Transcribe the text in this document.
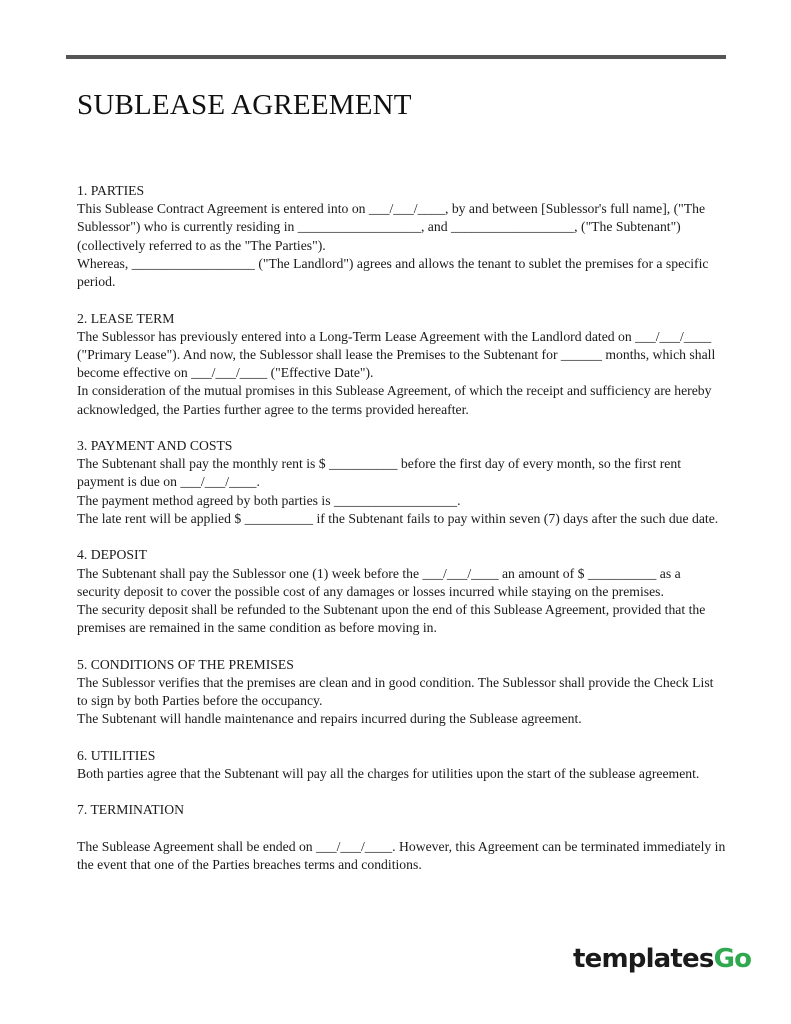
SUBLEASE AGREEMENT
1. PARTIES

This Sublease Contract Agreement is entered into on ___/___/____, by and between [Sublessor's full name], ("The Sublessor") who is currently residing in __________________, and __________________, ("The Subtenant") (collectively referred to as the "The Parties").

Whereas, __________________ ("The Landlord") agrees and allows the tenant to sublet the premises for a specific period.

2. LEASE TERM

The Sublessor has previously entered into a Long-Term Lease Agreement with the Landlord dated on ___/___/____ ("Primary Lease"). And now, the Sublessor shall lease the Premises to the Subtenant for ______ months, which shall become effective on ___/___/____ ("Effective Date").

In consideration of the mutual promises in this Sublease Agreement, of which the receipt and sufficiency are hereby acknowledged, the Parties further agree to the terms provided hereafter.

3. PAYMENT AND COSTS

The Subtenant shall pay the monthly rent is $ __________ before the first day of every month, so the first rent payment is due on ___/___/____.

The payment method agreed by both parties is __________________.

The late rent will be applied $ __________ if the Subtenant fails to pay within seven (7) days after the such due date.

4. DEPOSIT

The Subtenant shall pay the Sublessor one (1) week before the ___/___/____ an amount of $ __________ as a security deposit to cover the possible cost of any damages or losses incurred while staying on the premises.

The security deposit shall be refunded to the Subtenant upon the end of this Sublease Agreement, provided that the premises are remained in the same condition as before moving in.

5. CONDITIONS OF THE PREMISES

The Sublessor verifies that the premises are clean and in good condition. The Sublessor shall provide the Check List to sign by both Parties before the occupancy.

The Subtenant will handle maintenance and repairs incurred during the Sublease agreement.

6. UTILITIES

Both parties agree that the Subtenant will pay all the charges for utilities upon the start of the sublease agreement.

7. TERMINATION

The Sublease Agreement shall be ended on ___/___/____. However, this Agreement can be terminated immediately in the event that one of the Parties breaches terms and conditions.

templatesGo
